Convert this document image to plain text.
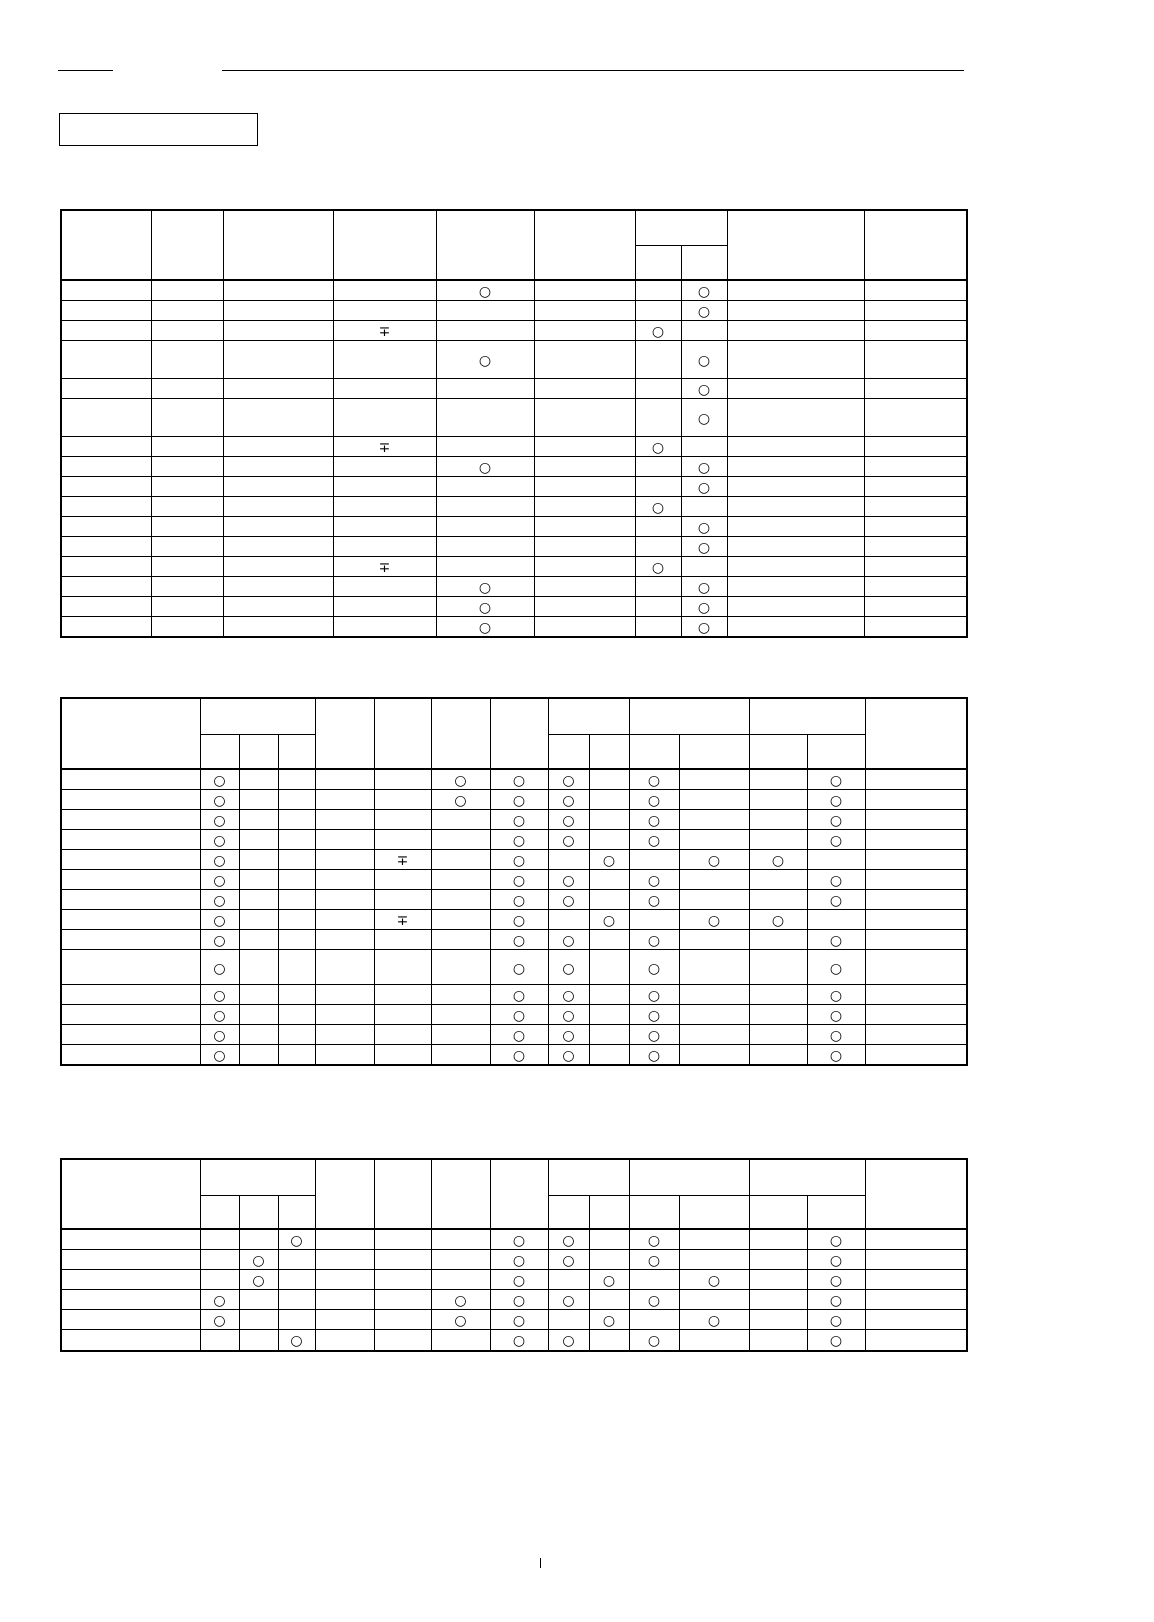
				○			○		
							○		
			∓			○			
				○			○		
							○		
							○		
			∓			○			
				○			○		
							○		
						○			
							○		
							○		
			∓			○			
				○			○		
				○			○		
				○			○		

	○					○	○	○		○			○	
	○					○	○	○		○			○	
	○						○	○		○			○	
	○						○	○		○			○	
	○				∓		○		○		○	○		
	○						○	○		○			○	
	○						○	○		○			○	
	○				∓		○		○		○	○		
	○						○	○		○			○	
	○						○	○		○			○	
	○						○	○		○			○	
	○						○	○		○			○	
	○						○	○		○			○	
	○						○	○		○			○	

			○				○	○		○			○	
		○					○	○		○			○	
		○					○		○		○		○	
	○					○	○	○		○			○	
	○					○	○		○		○		○	
			○				○	○		○			○	
